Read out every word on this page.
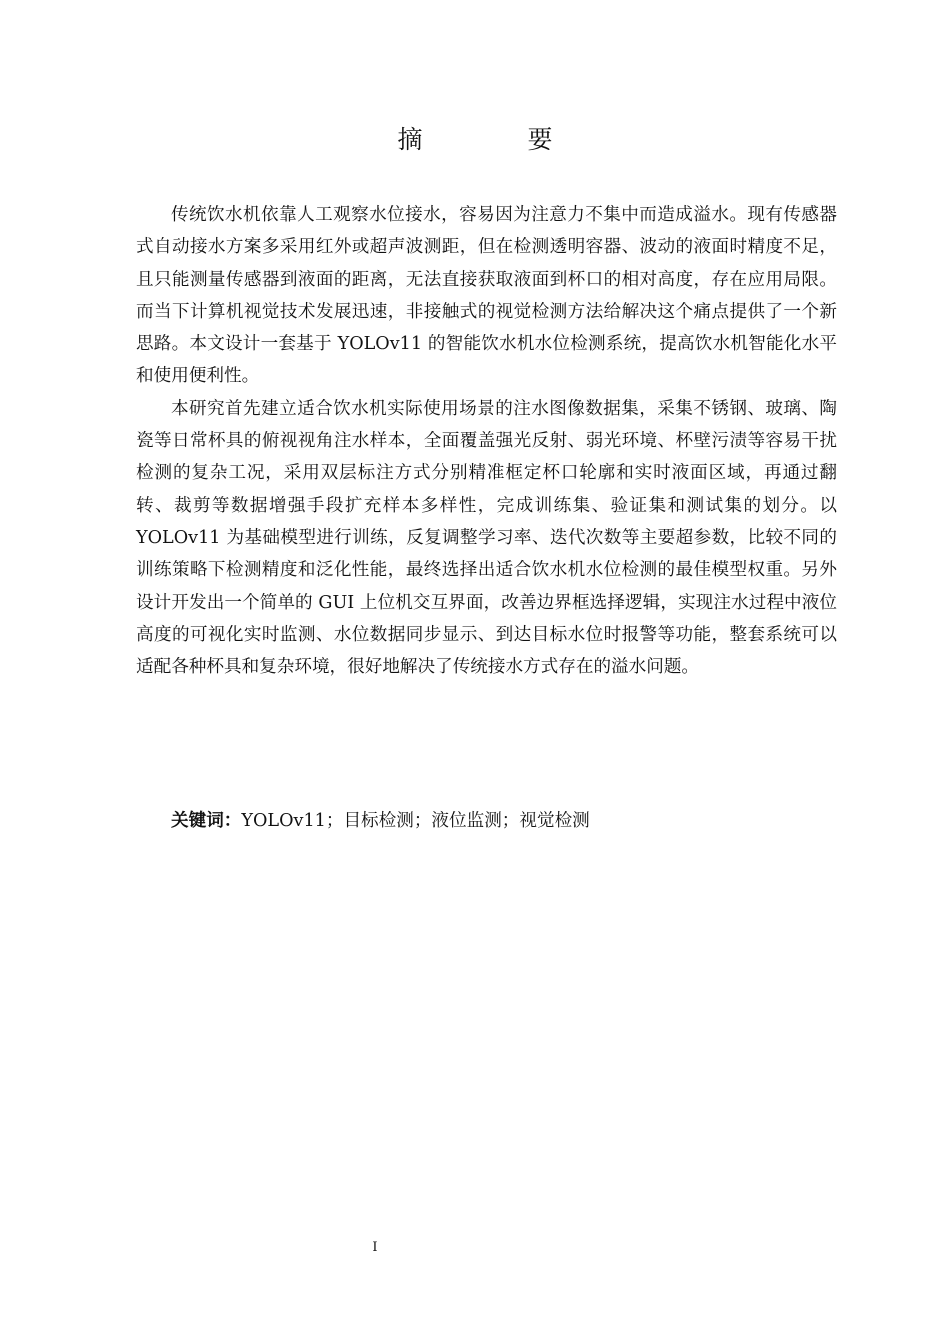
摘　要

传统饮水机依靠人工观察水位接水，容易因为注意力不集中而造成溢水。现有传感器式自动接水方案多采用红外或超声波测距，但在检测透明容器、波动的液面时精度不足，且只能测量传感器到液面的距离，无法直接获取液面到杯口的相对高度，存在应用局限。而当下计算机视觉技术发展迅速，非接触式的视觉检测方法给解决这个痛点提供了一个新思路。本文设计一套基于 YOLOv11 的智能饮水机水位检测系统，提高饮水机智能化水平和使用便利性。

本研究首先建立适合饮水机实际使用场景的注水图像数据集，采集不锈钢、玻璃、陶瓷等日常杯具的俯视视角注水样本，全面覆盖强光反射、弱光环境、杯壁污渍等容易干扰检测的复杂工况，采用双层标注方式分别精准框定杯口轮廓和实时液面区域，再通过翻转、裁剪等数据增强手段扩充样本多样性，完成训练集、验证集和测试集的划分。以 YOLOv11 为基础模型进行训练，反复调整学习率、迭代次数等主要超参数，比较不同的训练策略下检测精度和泛化性能，最终选择出适合饮水机水位检测的最佳模型权重。另外设计开发出一个简单的 GUI 上位机交互界面，改善边界框选择逻辑，实现注水过程中液位高度的可视化实时监测、水位数据同步显示、到达目标水位时报警等功能，整套系统可以适配各种杯具和复杂环境，很好地解决了传统接水方式存在的溢水问题。

关键词：YOLOv11；目标检测；液位监测；视觉检测

I
